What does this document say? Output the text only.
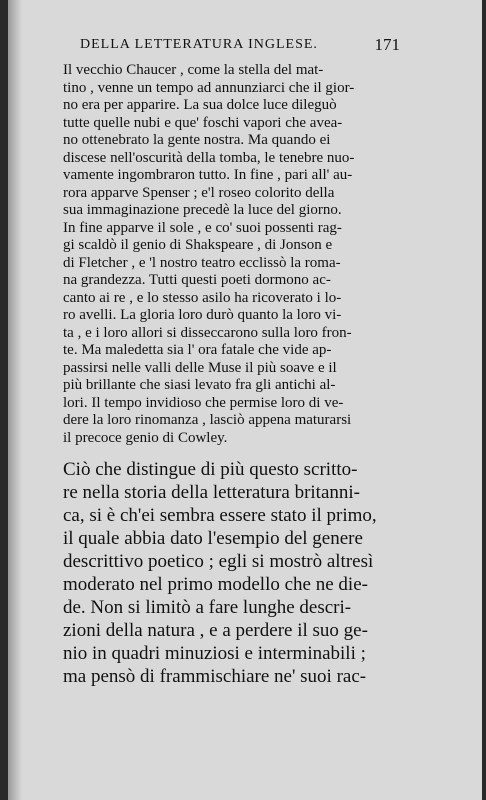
DELLA LETTERATURA INGLESE.	171
Il vecchio Chaucer , come la stella del mat-
tino , venne un tempo ad annunziarci che il gior-
no era per apparire. La sua dolce luce dileguò
tutte quelle nubi e que' foschi vapori che avea-
no ottenebrato la gente nostra. Ma quando ei
discese nell'oscurità della tomba, le tenebre nuo-
vamente ingombraron tutto. In fine , pari all' au-
rora apparve Spenser ; e'l roseo colorito della
sua immaginazione precedè la luce del giorno.
In fine apparve il sole , e co' suoi possenti rag-
gi scaldò il genio di Shakspeare , di Jonson e
di Fletcher , e 'l nostro teatro ecclissò la roma-
na grandezza. Tutti questi poeti dormono ac-
canto ai re , e lo stesso asilo ha ricoverato i lo-
ro avelli. La gloria loro durò quanto la loro vi-
ta , e i loro allori si disseccarono sulla loro fron-
te. Ma maledetta sia l' ora fatale che vide ap-
passirsi nelle valli delle Muse il più soave e il
più brillante che siasi levato fra gli antichi al-
lori. Il tempo invidioso che permise loro di ve-
dere la loro rinomanza , lasciò appena maturarsi
il precoce genio di Cowley.
Ciò che distingue di più questo scritto-
re nella storia della letteratura britanni-
ca, si è ch'ei sembra essere stato il primo,
il quale abbia dato l'esempio del genere
descrittivo poetico ; egli si mostrò altresì
moderato nel primo modello che ne die-
de. Non si limitò a fare lunghe descri-
zioni della natura , e a perdere il suo ge-
nio in quadri minuziosi e interminabili ;
ma pensò di frammischiare ne' suoi rac-
